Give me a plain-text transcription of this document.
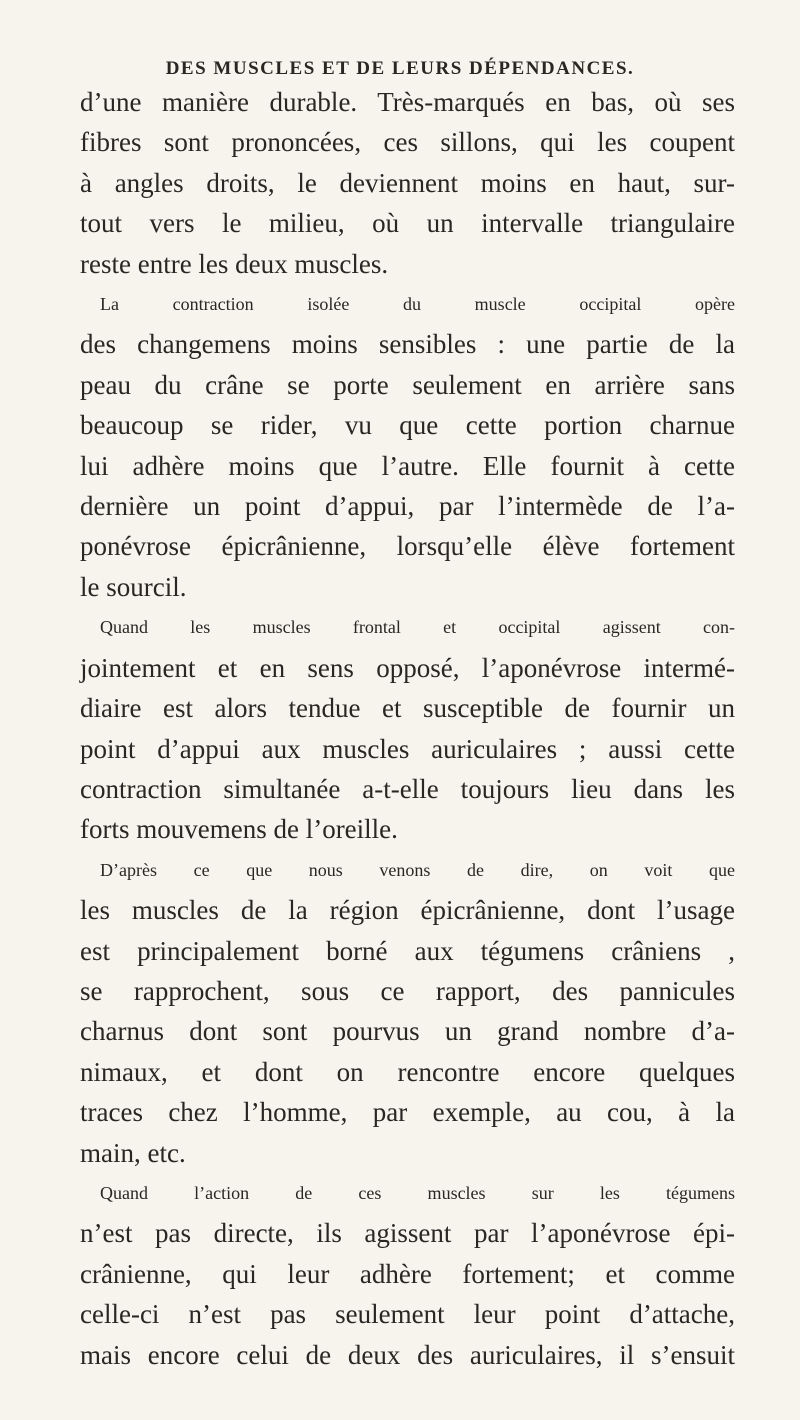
DES MUSCLES ET DE LEURS DÉPENDANCES.
d’une manière durable. Très-marqués en bas, où ses
fibres sont prononcées, ces sillons, qui les coupent
à angles droits, le deviennent moins en haut, sur-
tout vers le milieu, où un intervalle triangulaire
reste entre les deux muscles.
La contraction isolée du muscle occipital opère
des changemens moins sensibles : une partie de la
peau du crâne se porte seulement en arrière sans
beaucoup se rider, vu que cette portion charnue
lui adhère moins que l’autre. Elle fournit à cette
dernière un point d’appui, par l’intermède de l’a-
ponévrose épicrânienne, lorsqu’elle élève fortement
le sourcil.
Quand les muscles frontal et occipital agissent con-
jointement et en sens opposé, l’aponévrose intermé-
diaire est alors tendue et susceptible de fournir un
point d’appui aux muscles auriculaires ; aussi cette
contraction simultanée a-t-elle toujours lieu dans les
forts mouvemens de l’oreille.
D’après ce que nous venons de dire, on voit que
les muscles de la région épicrânienne, dont l’usage
est principalement borné aux tégumens crâniens ,
se rapprochent, sous ce rapport, des pannicules
charnus dont sont pourvus un grand nombre d’a-
nimaux, et dont on rencontre encore quelques
traces chez l’homme, par exemple, au cou, à la
main, etc.
Quand l’action de ces muscles sur les tégumens
n’est pas directe, ils agissent par l’aponévrose épi-
crânienne, qui leur adhère fortement; et comme
celle-ci n’est pas seulement leur point d’attache,
mais encore celui de deux des auriculaires, il s’ensuit
